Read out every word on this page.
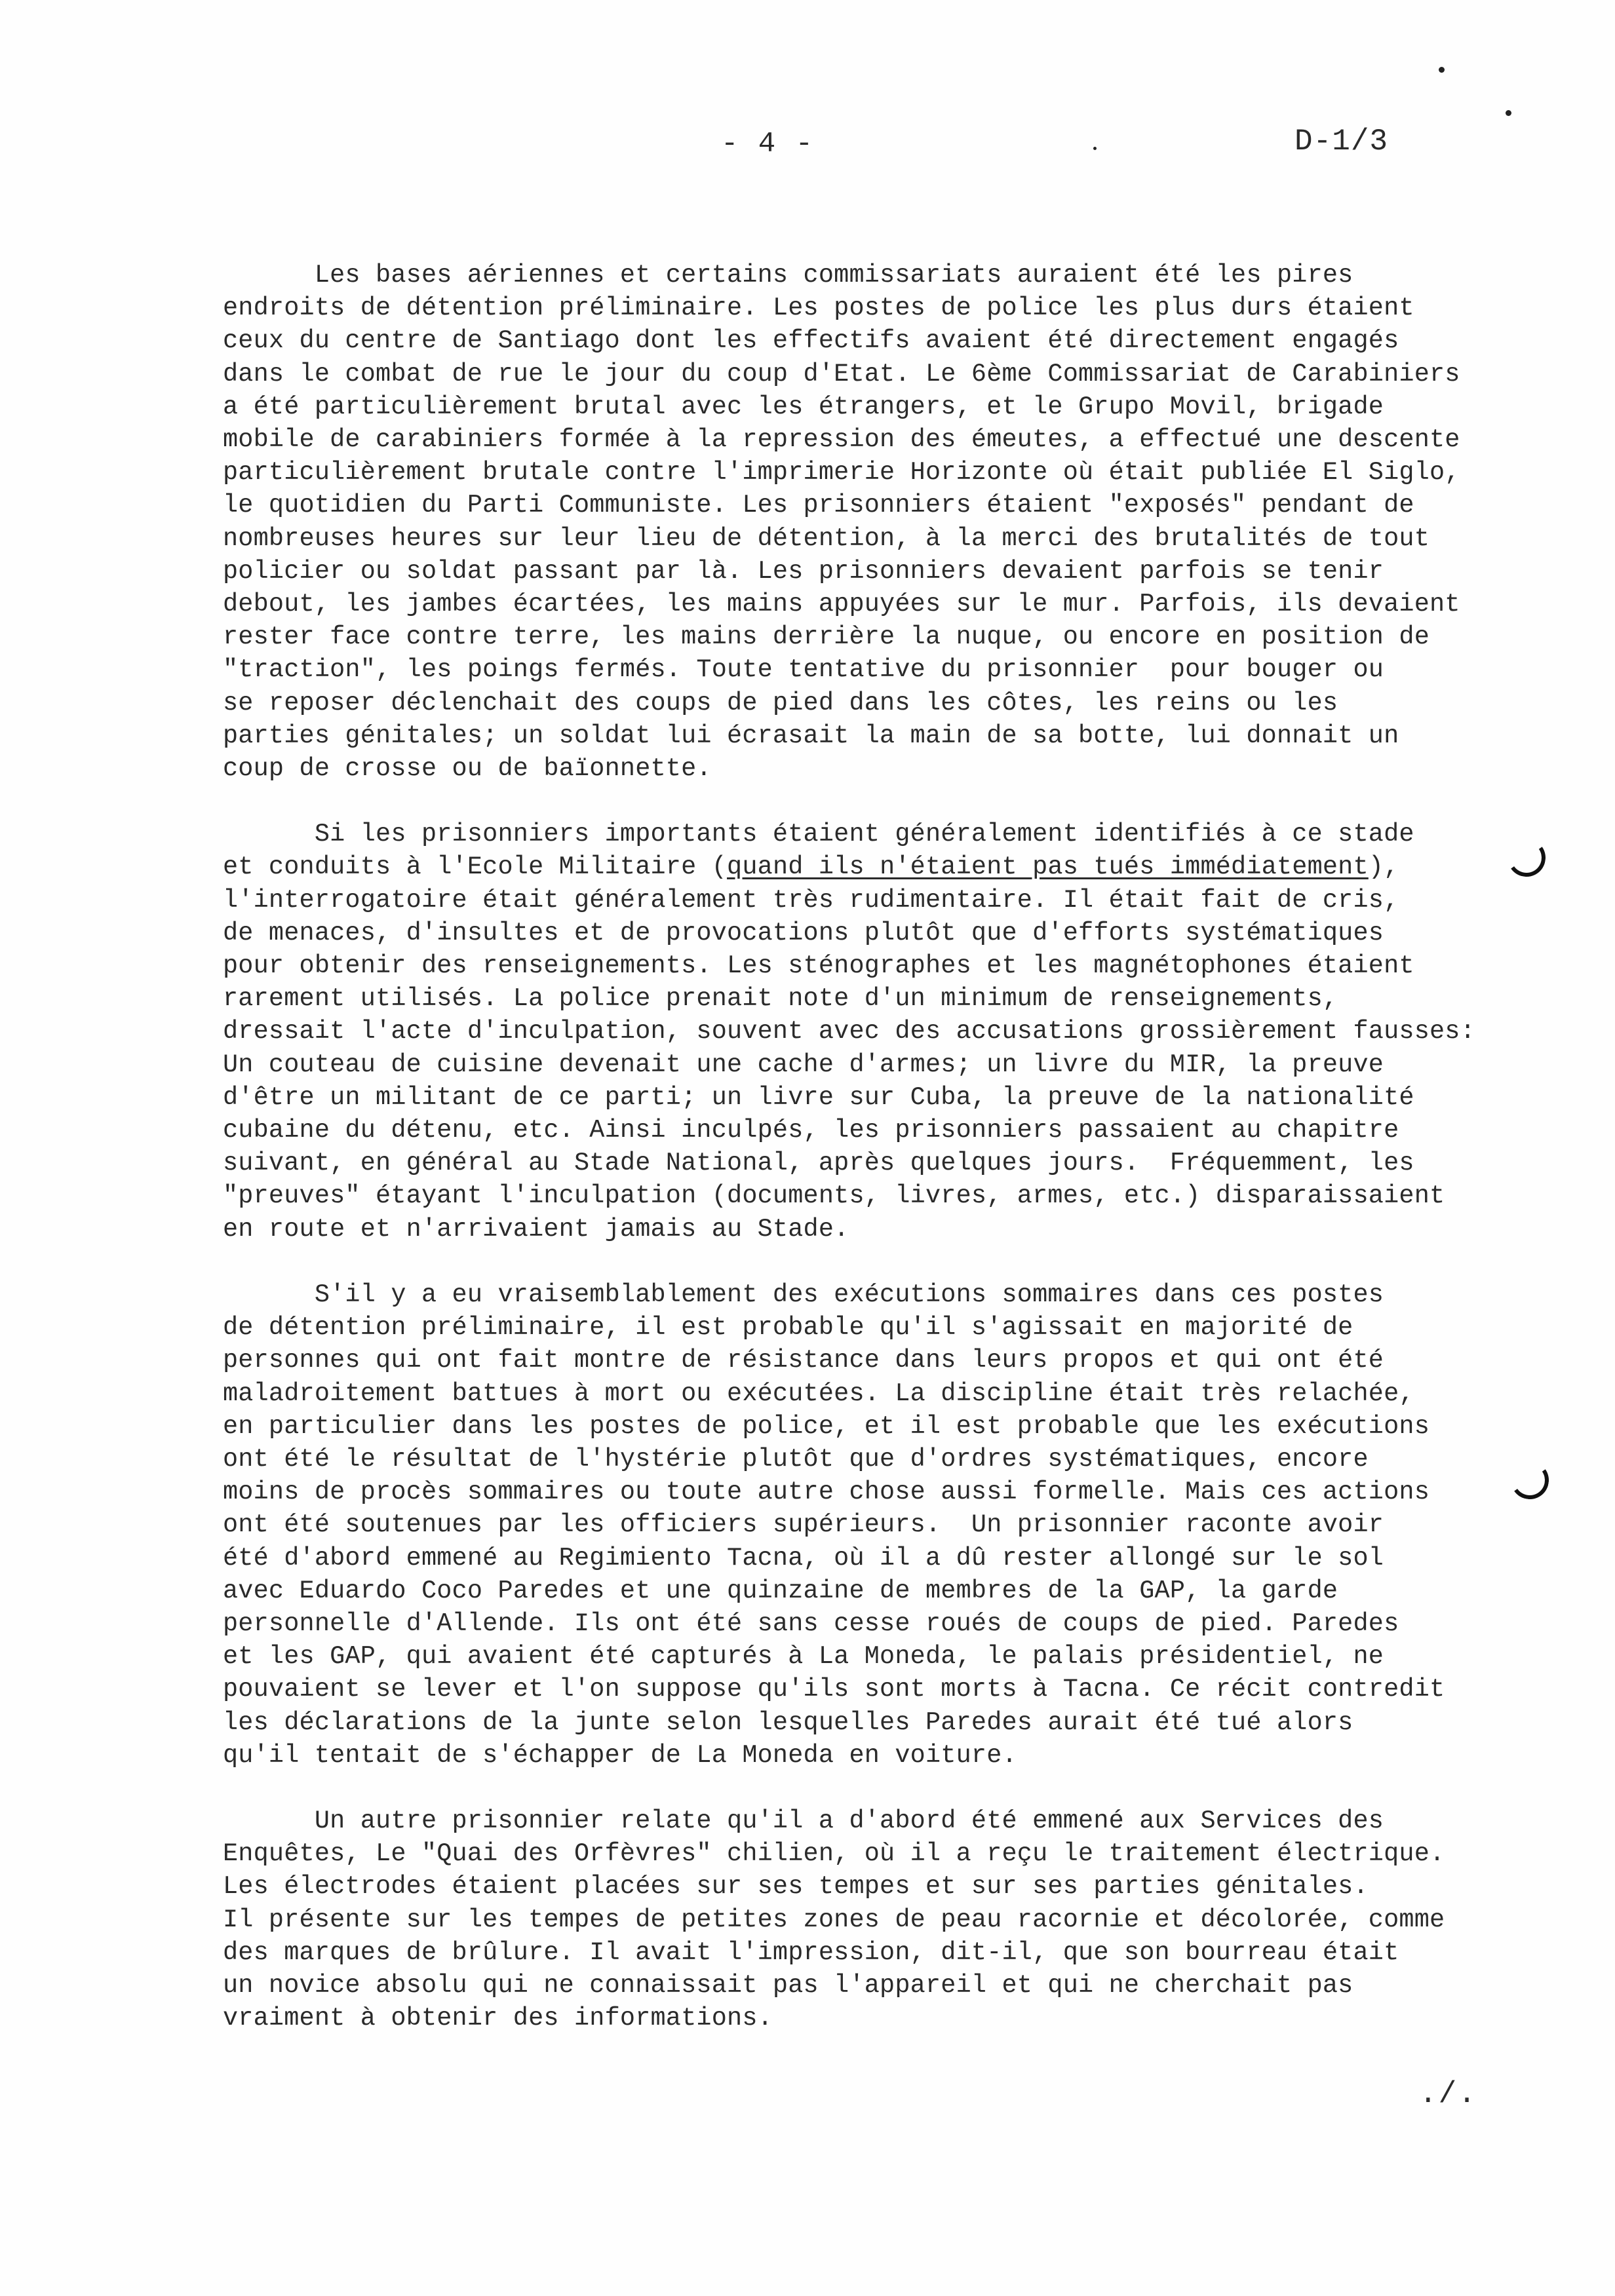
- 4 -	D-1/3
Les bases aériennes et certains commissariats auraient été les pires
endroits de détention préliminaire. Les postes de police les plus durs étaient
ceux du centre de Santiago dont les effectifs avaient été directement engagés
dans le combat de rue le jour du coup d'Etat. Le 6ème Commissariat de Carabiniers
a été particulièrement brutal avec les étrangers, et le Grupo Movil, brigade
mobile de carabiniers formée à la repression des émeutes, a effectué une descente
particulièrement brutale contre l'imprimerie Horizonte où était publiée El Siglo,
le quotidien du Parti Communiste. Les prisonniers étaient "exposés" pendant de
nombreuses heures sur leur lieu de détention, à la merci des brutalités de tout
policier ou soldat passant par là. Les prisonniers devaient parfois se tenir
debout, les jambes écartées, les mains appuyées sur le mur. Parfois, ils devaient
rester face contre terre, les mains derrière la nuque, ou encore en position de
"traction", les poings fermés. Toute tentative du prisonnier  pour bouger ou
se reposer déclenchait des coups de pied dans les côtes, les reins ou les
parties génitales; un soldat lui écrasait la main de sa botte, lui donnait un
coup de crosse ou de baïonnette.
Si les prisonniers importants étaient généralement identifiés à ce stade
et conduits à l'Ecole Militaire (quand ils n'étaient pas tués immédiatement),
l'interrogatoire était généralement très rudimentaire. Il était fait de cris,
de menaces, d'insultes et de provocations plutôt que d'efforts systématiques
pour obtenir des renseignements. Les sténographes et les magnétophones étaient
rarement utilisés. La police prenait note d'un minimum de renseignements,
dressait l'acte d'inculpation, souvent avec des accusations grossièrement fausses:
Un couteau de cuisine devenait une cache d'armes; un livre du MIR, la preuve
d'être un militant de ce parti; un livre sur Cuba, la preuve de la nationalité
cubaine du détenu, etc. Ainsi inculpés, les prisonniers passaient au chapitre
suivant, en général au Stade National, après quelques jours.  Fréquemment, les
"preuves" étayant l'inculpation (documents, livres, armes, etc.) disparaissaient
en route et n'arrivaient jamais au Stade.
S'il y a eu vraisemblablement des exécutions sommaires dans ces postes
de détention préliminaire, il est probable qu'il s'agissait en majorité de
personnes qui ont fait montre de résistance dans leurs propos et qui ont été
maladroitement battues à mort ou exécutées. La discipline était très relachée,
en particulier dans les postes de police, et il est probable que les exécutions
ont été le résultat de l'hystérie plutôt que d'ordres systématiques, encore
moins de procès sommaires ou toute autre chose aussi formelle. Mais ces actions
ont été soutenues par les officiers supérieurs.  Un prisonnier raconte avoir
été d'abord emmené au Regimiento Tacna, où il a dû rester allongé sur le sol
avec Eduardo Coco Paredes et une quinzaine de membres de la GAP, la garde
personnelle d'Allende. Ils ont été sans cesse roués de coups de pied. Paredes
et les GAP, qui avaient été capturés à La Moneda, le palais présidentiel, ne
pouvaient se lever et l'on suppose qu'ils sont morts à Tacna. Ce récit contredit
les déclarations de la junte selon lesquelles Paredes aurait été tué alors
qu'il tentait de s'échapper de La Moneda en voiture.
Un autre prisonnier relate qu'il a d'abord été emmené aux Services des
Enquêtes, Le "Quai des Orfèvres" chilien, où il a reçu le traitement électrique.
Les électrodes étaient placées sur ses tempes et sur ses parties génitales.
Il présente sur les tempes de petites zones de peau racornie et décolorée, comme
des marques de brûlure. Il avait l'impression, dit-il, que son bourreau était
un novice absolu qui ne connaissait pas l'appareil et qui ne cherchait pas
vraiment à obtenir des informations.
./.
